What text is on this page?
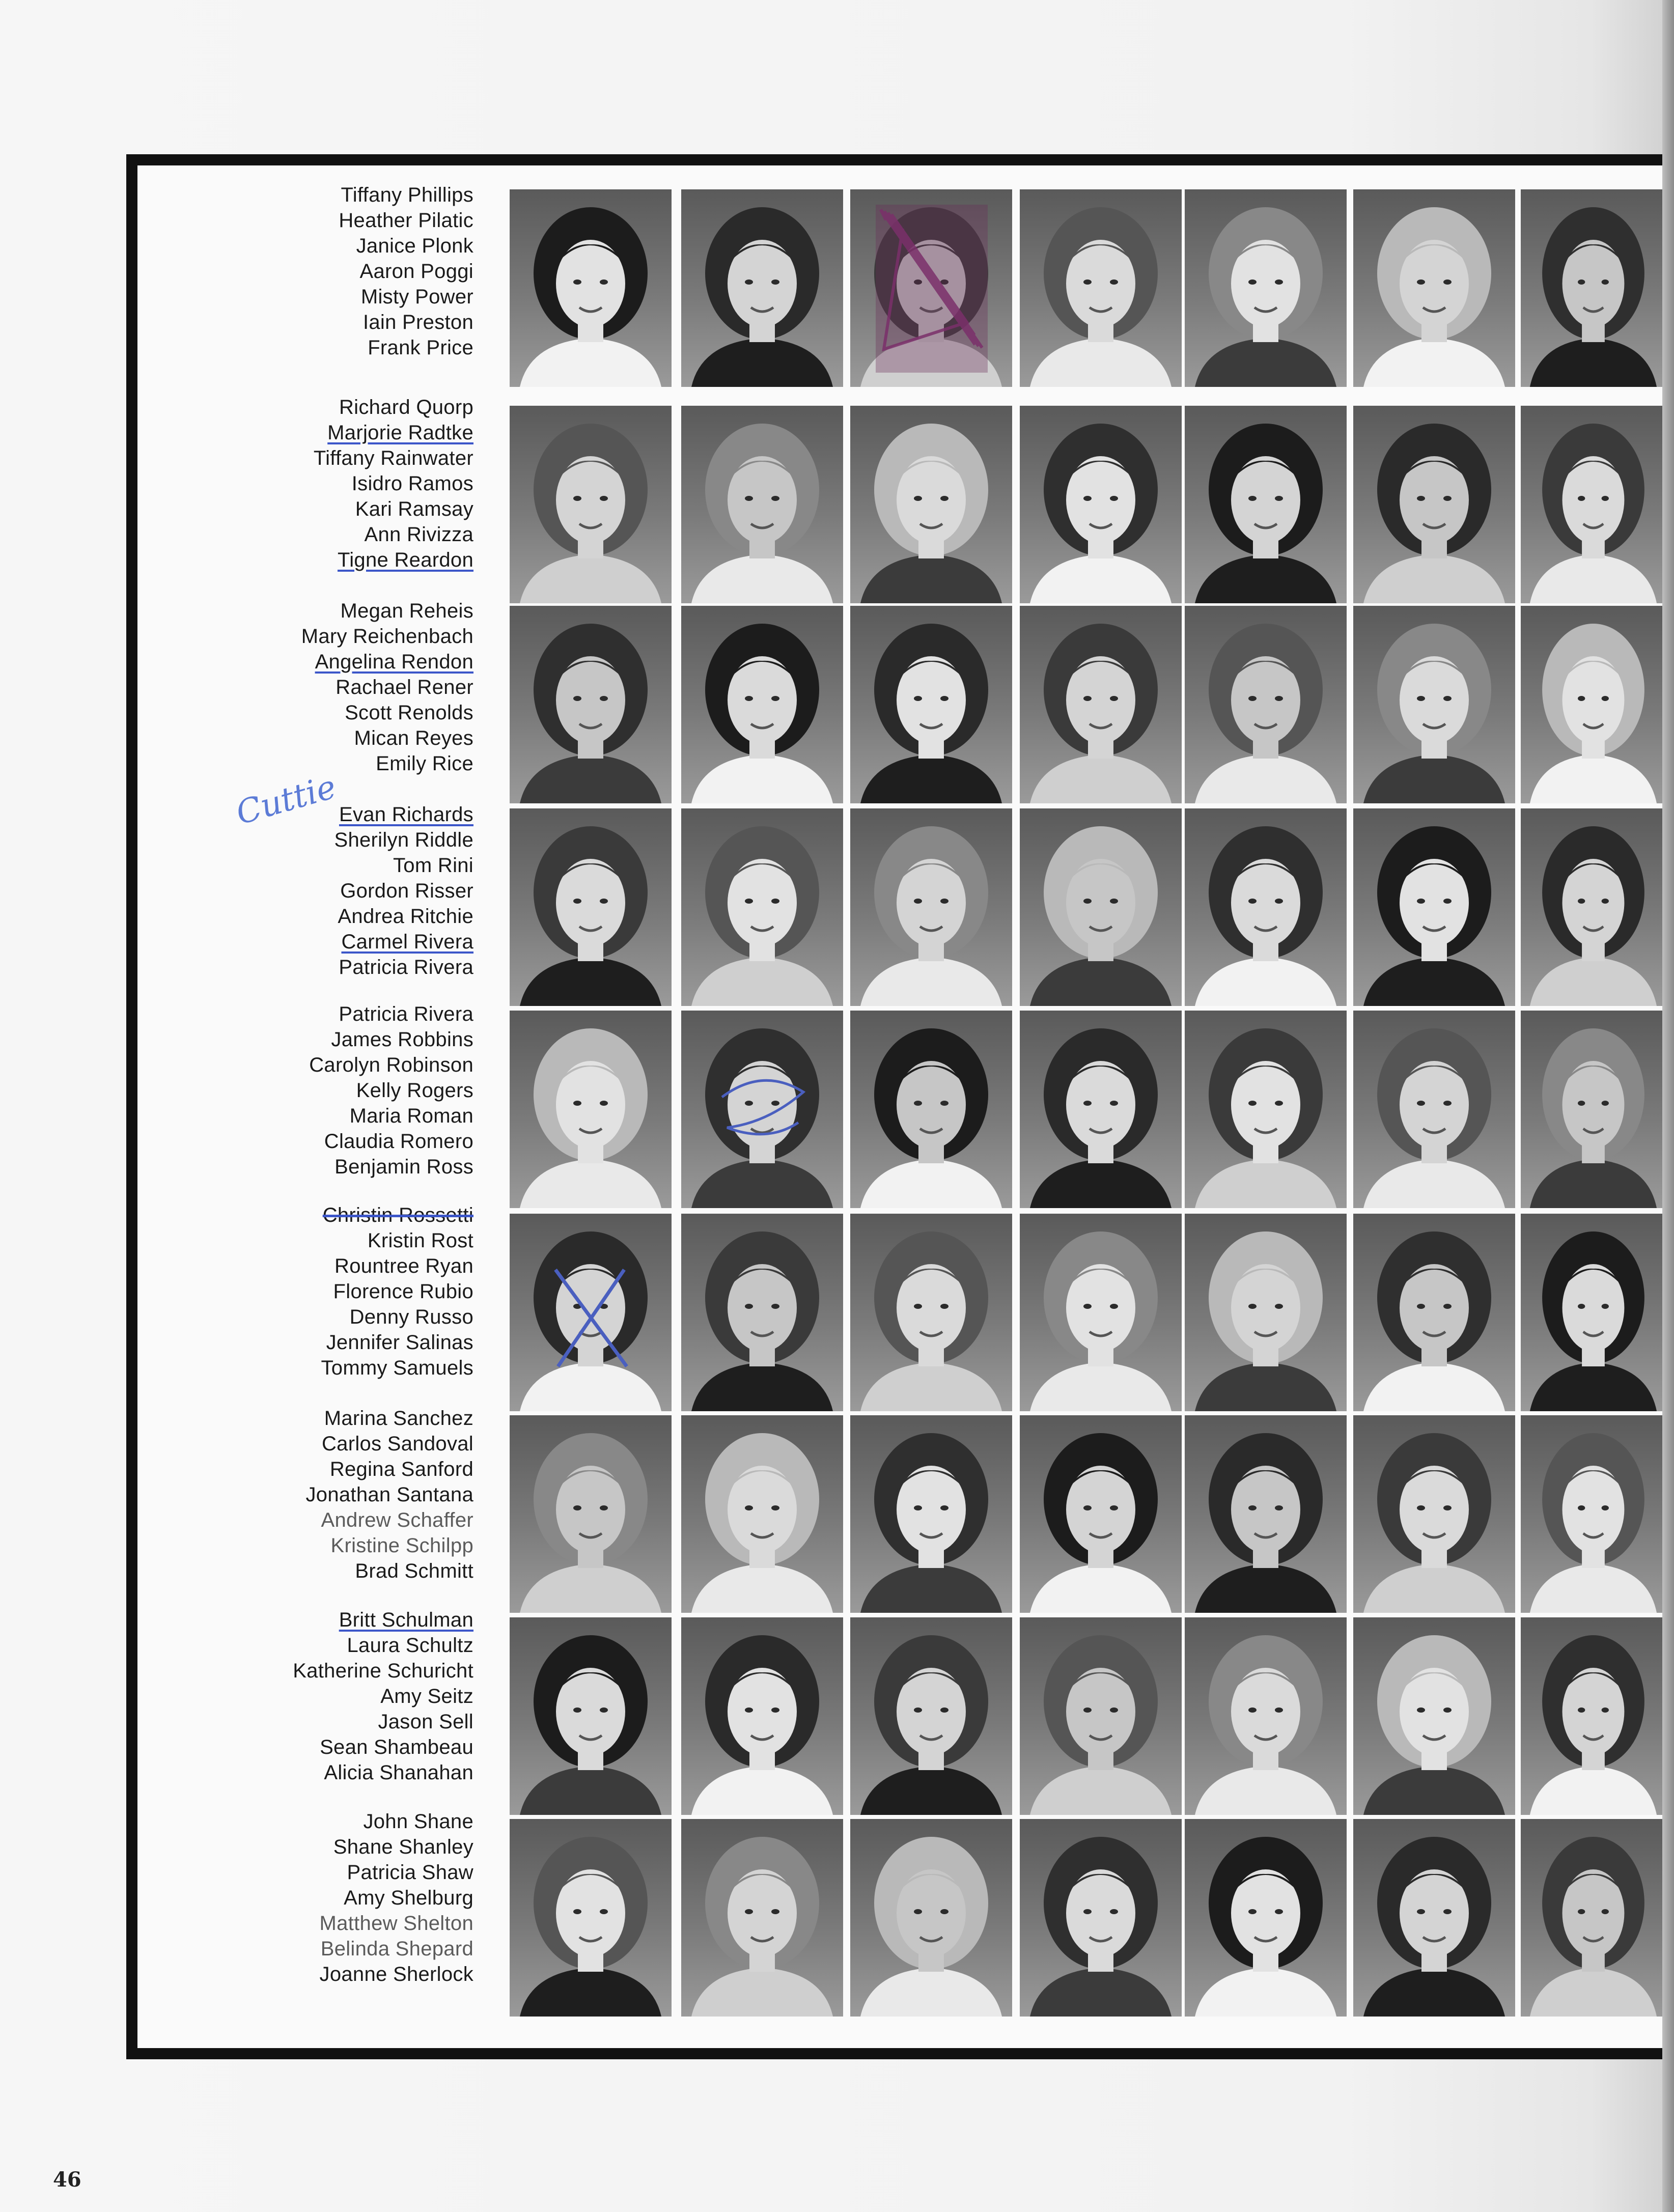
Tiffany Phillips
Heather Pilatic
Janice Plonk
Aaron Poggi
Misty Power
Iain Preston
Frank Price
Richard Quorp
Marjorie Radtke
Tiffany Rainwater
Isidro Ramos
Kari Ramsay
Ann Rivizza
Tigne Reardon
Megan Reheis
Mary Reichenbach
Angelina Rendon
Rachael Rener
Scott Renolds
Mican Reyes
Emily Rice
Evan Richards
Sherilyn Riddle
Tom Rini
Gordon Risser
Andrea Ritchie
Carmel Rivera
Patricia Rivera
Patricia Rivera
James Robbins
Carolyn Robinson
Kelly Rogers
Maria Roman
Claudia Romero
Benjamin Ross
Christin Rossetti
Kristin Rost
Rountree Ryan
Florence Rubio
Denny Russo
Jennifer Salinas
Tommy Samuels
Marina Sanchez
Carlos Sandoval
Regina Sanford
Jonathan Santana
Andrew Schaffer
Kristine Schilpp
Brad Schmitt
Britt Schulman
Laura Schultz
Katherine Schuricht
Amy Seitz
Jason Sell
Sean Shambeau
Alicia Shanahan
John Shane
Shane Shanley
Patricia Shaw
Amy Shelburg
Matthew Shelton
Belinda Shepard
Joanne Sherlock
Cuttie
46
